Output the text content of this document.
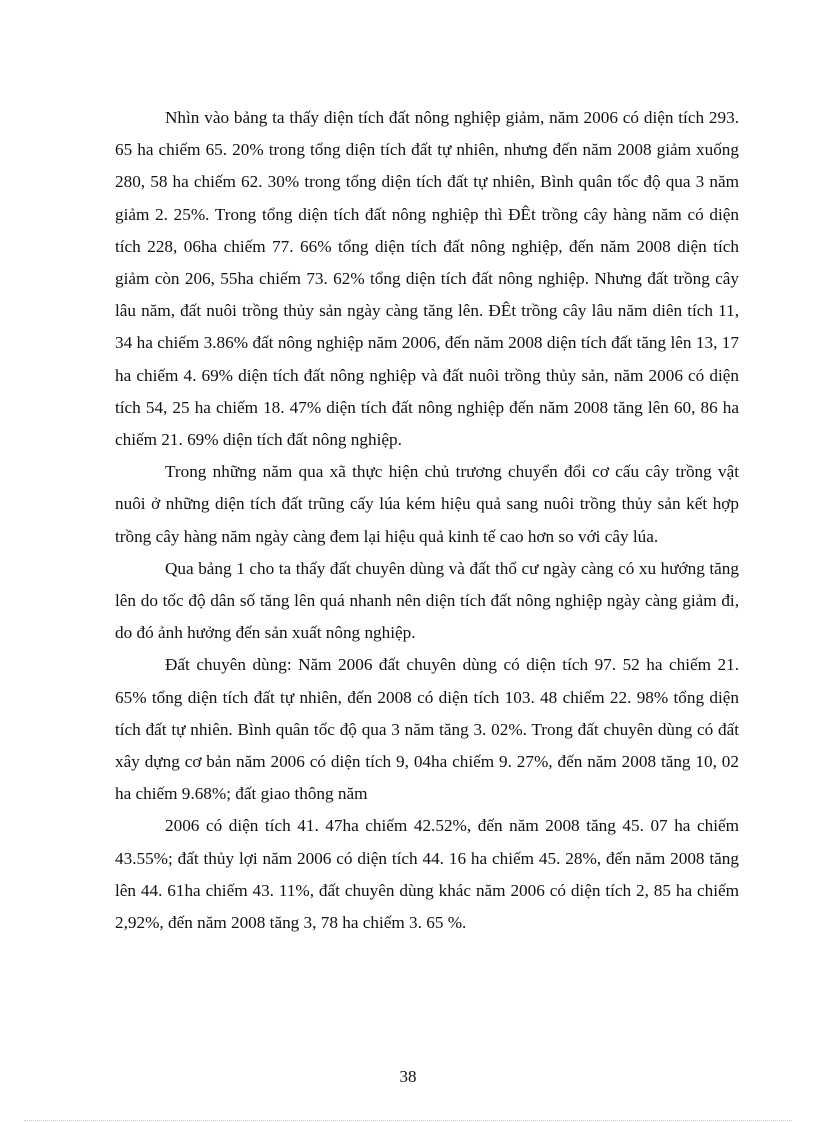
Nhìn vào bảng ta thấy diện tích đất nông nghiệp giảm, năm 2006 có diện tích 293. 65 ha chiếm 65. 20% trong tổng diện tích đất tự nhiên, nhưng đến năm 2008 giảm xuống 280, 58 ha chiếm 62. 30% trong tổng diện tích đất tự nhiên, Bình quân tốc độ qua 3 năm giảm 2. 25%. Trong tổng diện tích đất nông nghiệp thì ĐÊt trồng cây hàng năm có diện tích 228, 06ha chiếm 77. 66% tổng diện tích đất nông nghiệp, đến năm 2008 diện tích giảm còn 206, 55ha chiếm 73. 62% tổng diện tích đất nông nghiệp. Nhưng đất trồng cây lâu năm, đất nuôi trồng thủy sản ngày càng tăng lên. ĐÊt trồng cây lâu năm diên tích 11, 34 ha chiếm 3.86% đất nông nghiệp năm 2006, đến năm 2008 diện tích đất tăng lên 13, 17 ha chiếm 4. 69% diện tích đất nông nghiệp và đất nuôi trồng thủy sản, năm 2006 có diện tích 54, 25 ha chiếm 18. 47% diện tích đất nông nghiệp đến năm 2008 tăng lên 60, 86 ha chiếm 21. 69% diện tích đất nông nghiệp.

Trong những năm qua xã thực hiện chủ trương chuyển đổi cơ cấu cây trồng vật nuôi ở những diện tích đất trũng cấy lúa kém hiệu quả sang nuôi trồng thủy sản kết hợp trồng cây hàng năm ngày càng đem lại hiệu quả kinh tế cao hơn so với cây lúa.

Qua bảng 1 cho ta thấy đất chuyên dùng và đất thổ cư ngày càng có xu hướng tăng lên do tốc độ dân số tăng lên quá nhanh nên diện tích đất nông nghiệp ngày càng giảm đi, do đó ảnh hưởng đến sản xuất nông nghiệp.

Đất chuyên dùng: Năm 2006 đất chuyên dùng có diện tích 97. 52 ha chiếm 21. 65% tổng diện tích đất tự nhiên, đến 2008 có diện tích 103. 48 chiếm 22. 98% tổng diện tích đất tự nhiên. Bình quân tốc độ qua 3 năm tăng 3. 02%. Trong đất chuyên dùng có đất xây dựng cơ bản năm 2006 có diện tích 9, 04ha chiếm 9. 27%, đến năm 2008 tăng 10, 02 ha chiếm 9.68%; đất giao thông năm

2006 có diện tích 41. 47ha chiếm 42.52%, đến năm 2008 tăng 45. 07 ha chiếm 43.55%; đất thủy lợi năm 2006 có diện tích 44. 16 ha chiếm 45. 28%, đến năm 2008 tăng lên 44. 61ha chiếm 43. 11%, đất chuyên dùng khác năm 2006 có diện tích 2, 85 ha chiếm 2,92%, đến năm 2008 tăng 3, 78 ha chiếm 3. 65 %.

38
